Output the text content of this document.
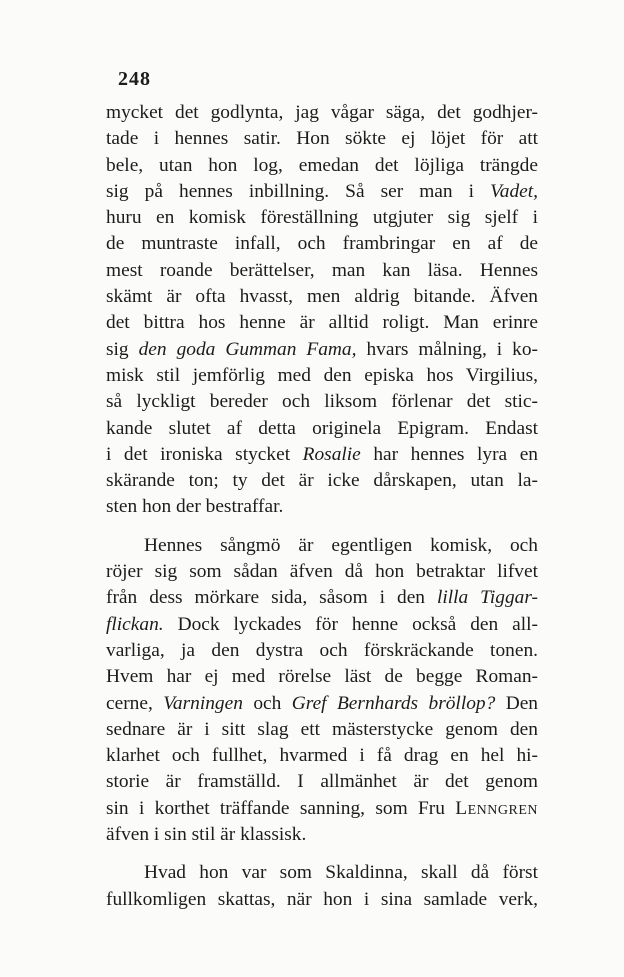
248

mycket det godlynta, jag vågar säga, det godhjer-
tade i hennes satir. Hon sökte ej löjet för att
bele, utan hon log, emedan det löjliga trängde
sig på hennes inbillning. Så ser man i Vadet,
huru en komisk föreställning utgjuter sig sjelf i
de muntraste infall, och frambringar en af de
mest roande berättelser, man kan läsa. Hennes
skämt är ofta hvasst, men aldrig bitande. Äfven
det bittra hos henne är alltid roligt. Man erinre
sig den goda Gumman Fama, hvars målning, i ko-
misk stil jemförlig med den episka hos Virgilius,
så lyckligt bereder och liksom förlenar det stic-
kande slutet af detta originela Epigram. Endast
i det ironiska stycket Rosalie har hennes lyra en
skärande ton; ty det är icke dårskapen, utan la-
sten hon der bestraffar.

Hennes sångmö är egentligen komisk, och
röjer sig som sådan äfven då hon betraktar lifvet
från dess mörkare sida, såsom i den lilla Tiggar-
flickan. Dock lyckades för henne också den all-
varliga, ja den dystra och förskräckande tonen.
Hvem har ej med rörelse läst de begge Roman-
cerne, Varningen och Gref Bernhards bröllop? Den
sednare är i sitt slag ett mästerstycke genom den
klarhet och fullhet, hvarmed i få drag en hel hi-
storie är framställd. I allmänhet är det genom
sin i korthet träffande sanning, som Fru Lenngren
äfven i sin stil är klassisk.

Hvad hon var som Skaldinna, skall då först
fullkomligen skattas, när hon i sina samlade verk,
